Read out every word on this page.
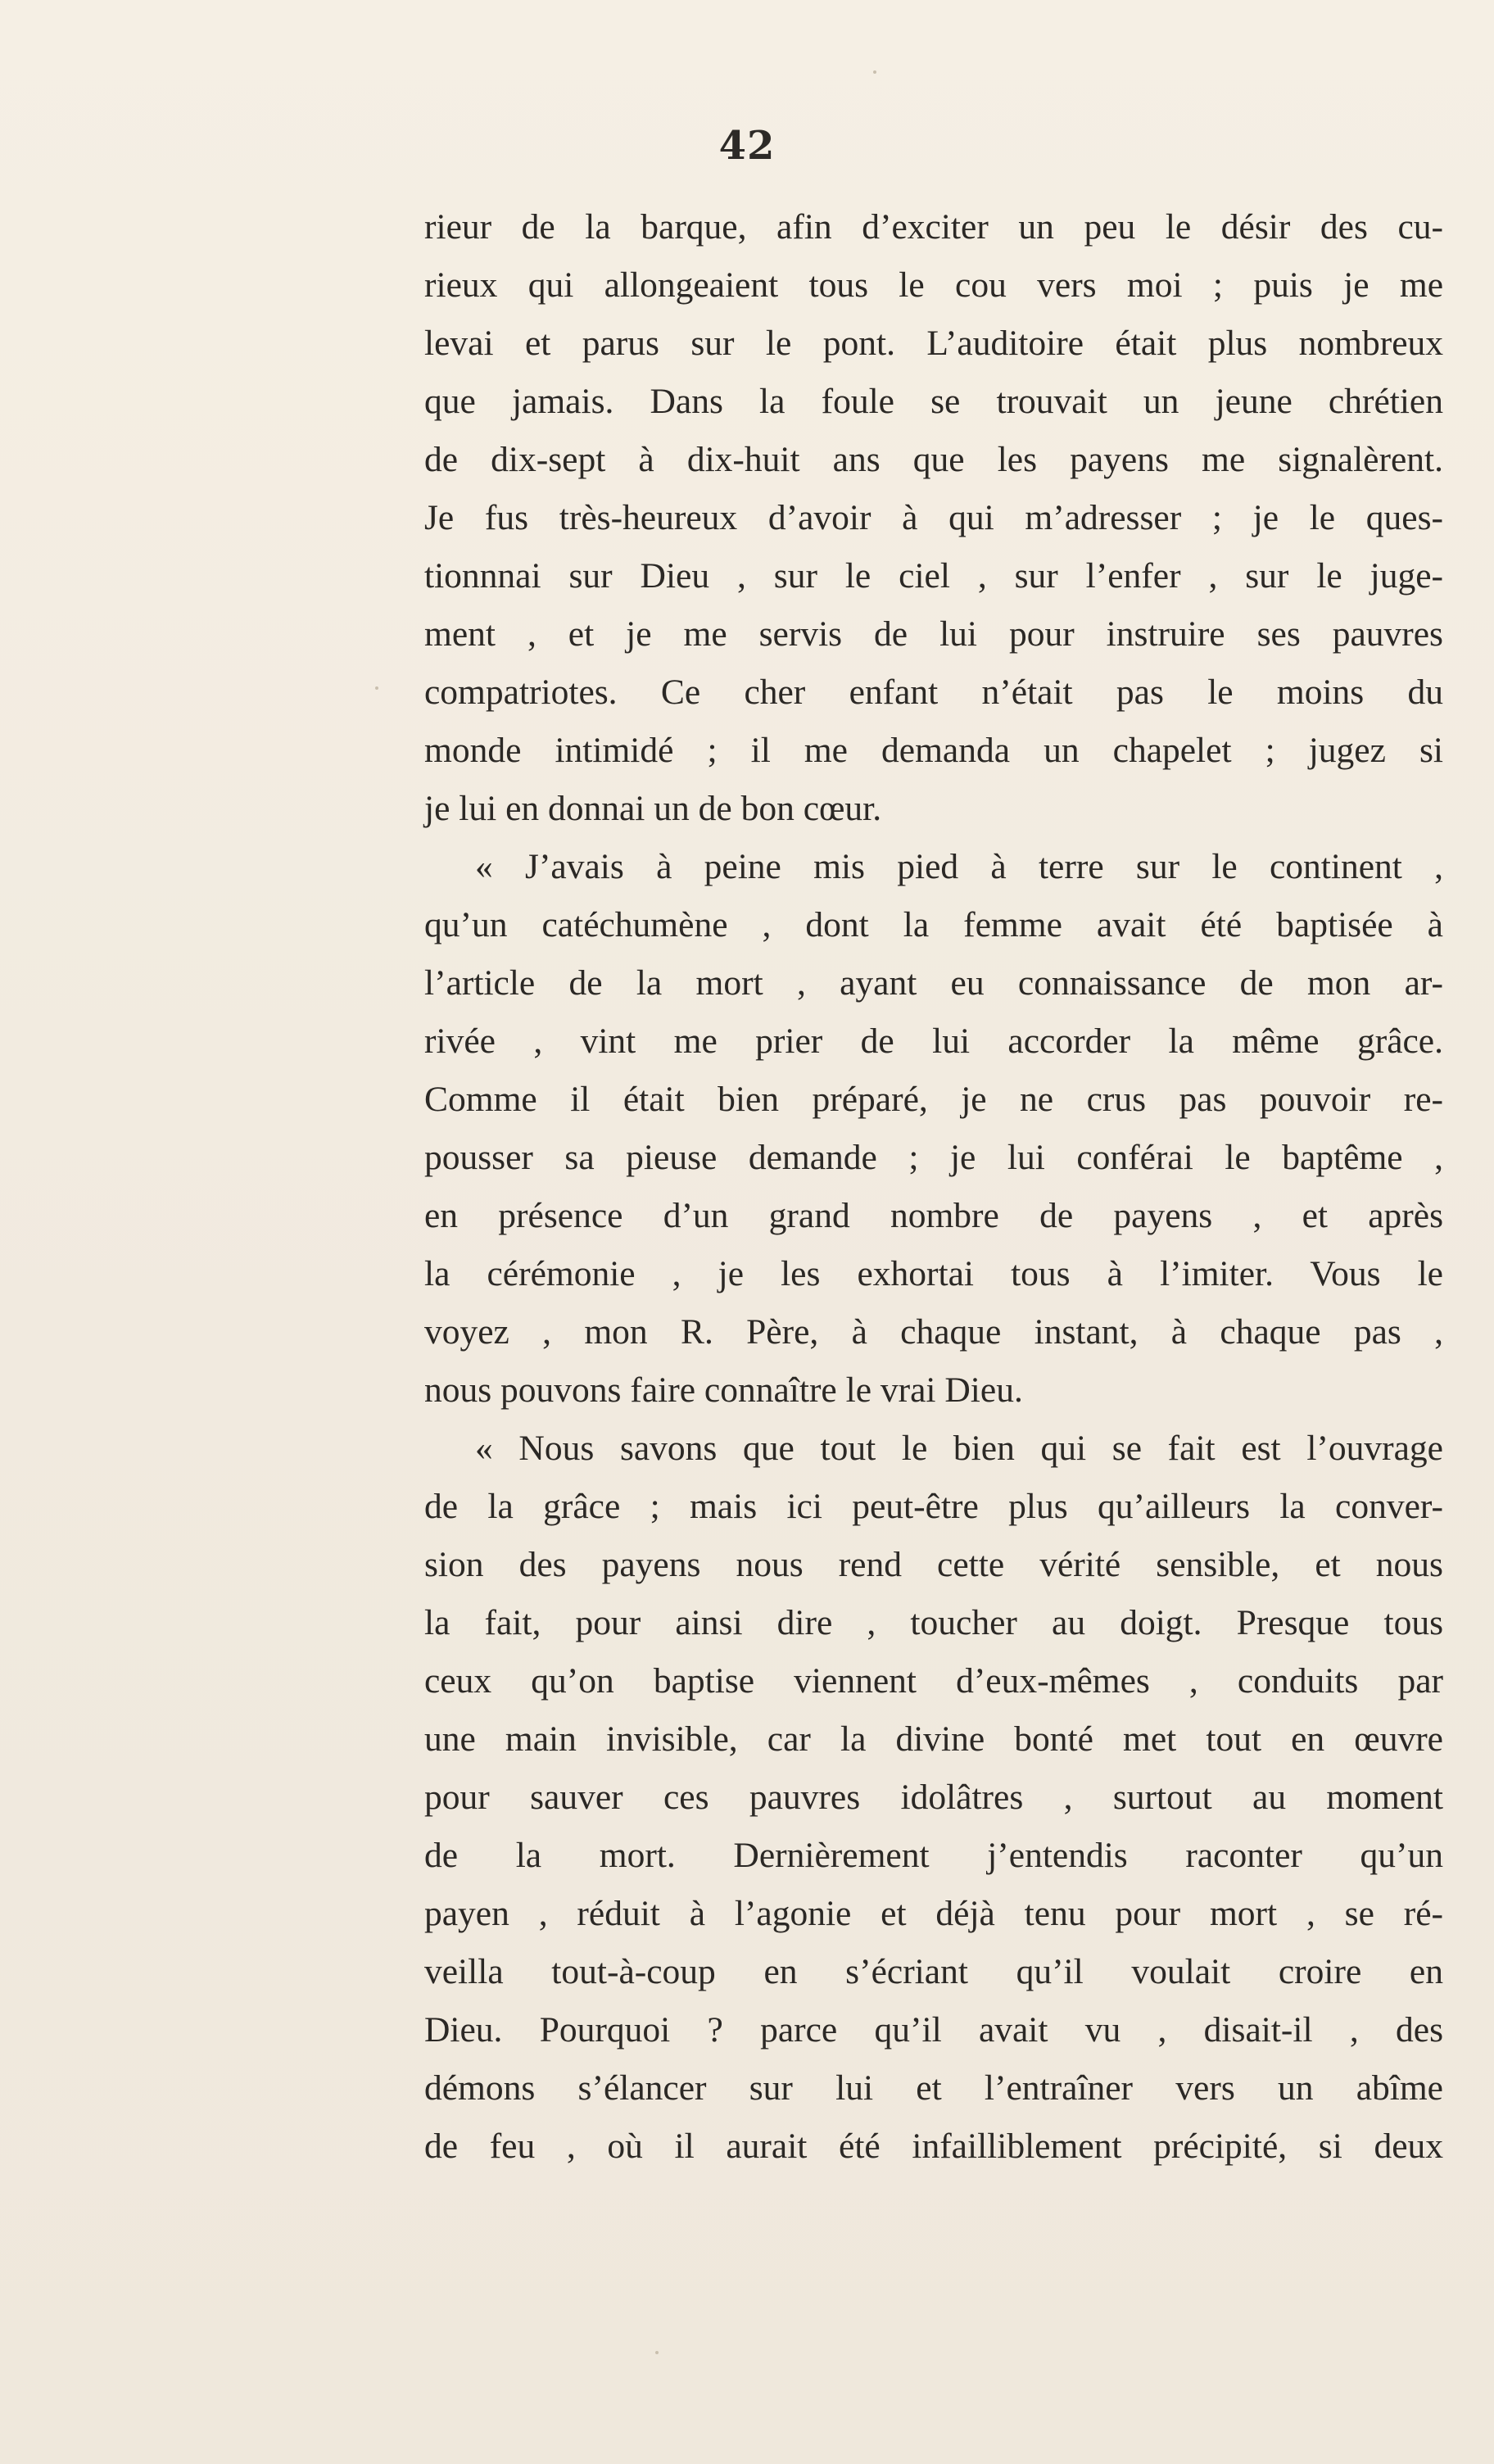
42
rieur de la barque, afin d’exciter un peu le désir des cu-
rieux qui allongeaient tous le cou vers moi ; puis je me
levai et parus sur le pont. L’auditoire était plus nombreux
que jamais. Dans la foule se trouvait un jeune chrétien
de dix-sept à dix-huit ans que les payens me signalèrent.
Je fus très-heureux d’avoir à qui m’adresser ; je le ques-
tionnnai sur Dieu , sur le ciel , sur l’enfer , sur le juge-
ment , et je me servis de lui pour instruire ses pauvres
compatriotes. Ce cher enfant n’était pas le moins du
monde intimidé ; il me demanda un chapelet ; jugez si
je lui en donnai un de bon cœur.
« J’avais à peine mis pied à terre sur le continent ,
qu’un catéchumène , dont la femme avait été baptisée à
l’article de la mort , ayant eu connaissance de mon ar-
rivée , vint me prier de lui accorder la même grâce.
Comme il était bien préparé, je ne crus pas pouvoir re-
pousser sa pieuse demande ; je lui conférai le baptême ,
en présence d’un grand nombre de payens , et après
la cérémonie , je les exhortai tous à l’imiter. Vous le
voyez , mon R. Père, à chaque instant, à chaque pas ,
nous pouvons faire connaître le vrai Dieu.
« Nous savons que tout le bien qui se fait est l’ouvrage
de la grâce ; mais ici peut-être plus qu’ailleurs la conver-
sion des payens nous rend cette vérité sensible, et nous
la fait, pour ainsi dire , toucher au doigt. Presque tous
ceux qu’on baptise viennent d’eux-mêmes , conduits par
une main invisible, car la divine bonté met tout en œuvre
pour sauver ces pauvres idolâtres , surtout au moment
de la mort. Dernièrement j’entendis raconter qu’un
payen , réduit à l’agonie et déjà tenu pour mort , se ré-
veilla tout-à-coup en s’écriant qu’il voulait croire en
Dieu. Pourquoi ? parce qu’il avait vu , disait-il , des
démons s’élancer sur lui et l’entraîner vers un abîme
de feu , où il aurait été infailliblement précipité, si deux
